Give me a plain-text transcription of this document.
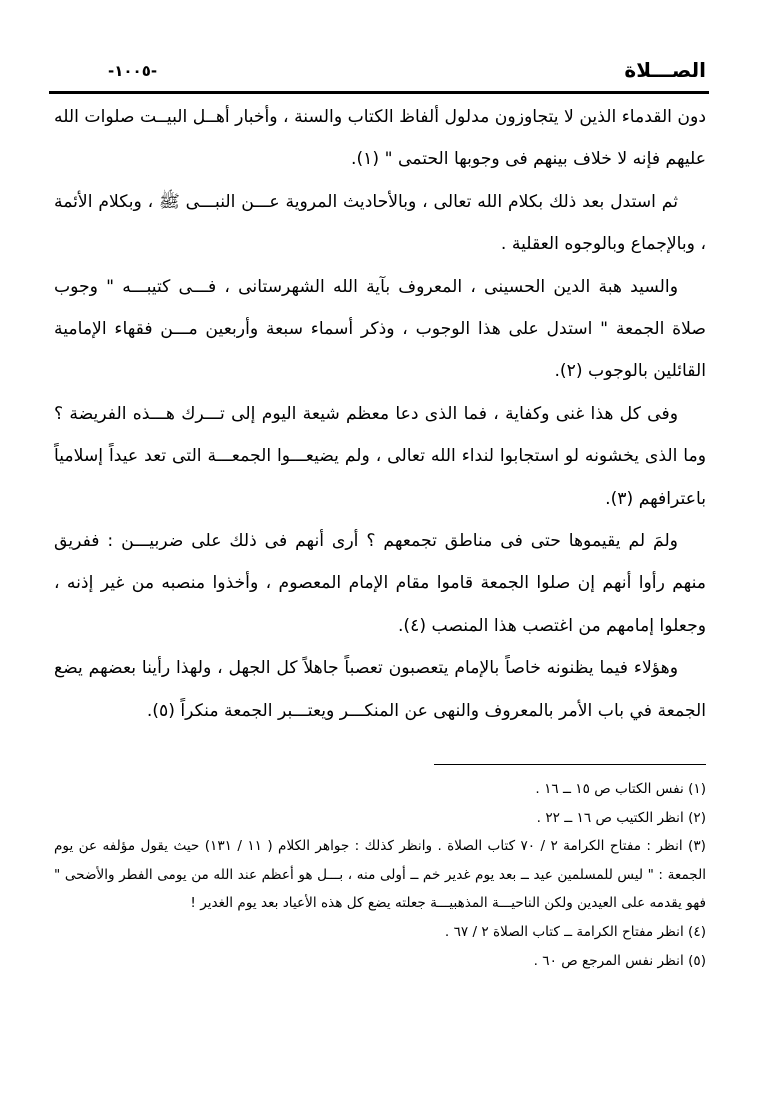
الصـــلاة
-١٠٠٥-

دون القدماء الذين لا يتجاوزون مدلول ألفاظ الكتاب والسنة ، وأخبار أهــل البيــت صلوات الله عليهم فإنه لا خلاف بينهم فى وجوبها الحتمى " (١).

ثم استدل بعد ذلك بكلام الله تعالى ، وبالأحاديث المروية عـــن النبـــى ﷺ ، وبكلام الأئمة ، وبالإجماع وبالوجوه العقلية .

والسيد هبة الدين الحسينى ، المعروف بآية الله الشهرستانى ، فـــى كتيبـــه " وجوب صلاة الجمعة " استدل على هذا الوجوب ، وذكر أسماء سبعة وأربعين مـــن فقهاء الإمامية القائلين بالوجوب (٢).

وفى كل هذا غنى وكفاية ، فما الذى دعا معظم شيعة اليوم إلى تـــرك هـــذه الفريضة ؟ وما الذى يخشونه لو استجابوا لنداء الله تعالى ، ولم يضيعـــوا الجمعـــة التى تعد عيداً إسلامياً باعترافهم (٣).

ولمَ لم يقيموها حتى فى مناطق تجمعهم ؟ أرى أنهم فى ذلك على ضربيـــن : ففريق منهم رأوا أنهم إن صلوا الجمعة قاموا مقام الإمام المعصوم ، وأخذوا منصبه من غير إذنه ، وجعلوا إمامهم من اغتصب هذا المنصب (٤).

وهؤلاء فيما يظنونه خاصاً بالإمام يتعصبون تعصباً جاهلاً كل الجهل ، ولهذا رأينا بعضهم يضع الجمعة في باب الأمر بالمعروف والنهى عن المنكـــر ويعتـــبر الجمعة منكراً (٥).

(١) نفس الكتاب ص ١٥ ــ ١٦ .

(٢) انظر الكتيب ص ١٦ ــ ٢٢ .

(٣) انظر : مفتاح الكرامة ٢ / ٧٠ كتاب الصلاة . وانظر كذلك : جواهر الكلام ( ١١ / ١٣١) حيث يقول مؤلفه عن يوم الجمعة : " ليس للمسلمين عيد ــ بعد يوم غدير خم ــ أولى منه ، بـــل هو أعظم عند الله من يومى الفطر والأضحى " فهو يقدمه على العيدين ولكن الناحيـــة المذهبيـــة جعلته يضع كل هذه الأعياد بعد يوم الغدير !

(٤) انظر مفتاح الكرامة ــ كتاب الصلاة ٢ / ٦٧ .

(٥) انظر نفس المرجع ص ٦٠ .
